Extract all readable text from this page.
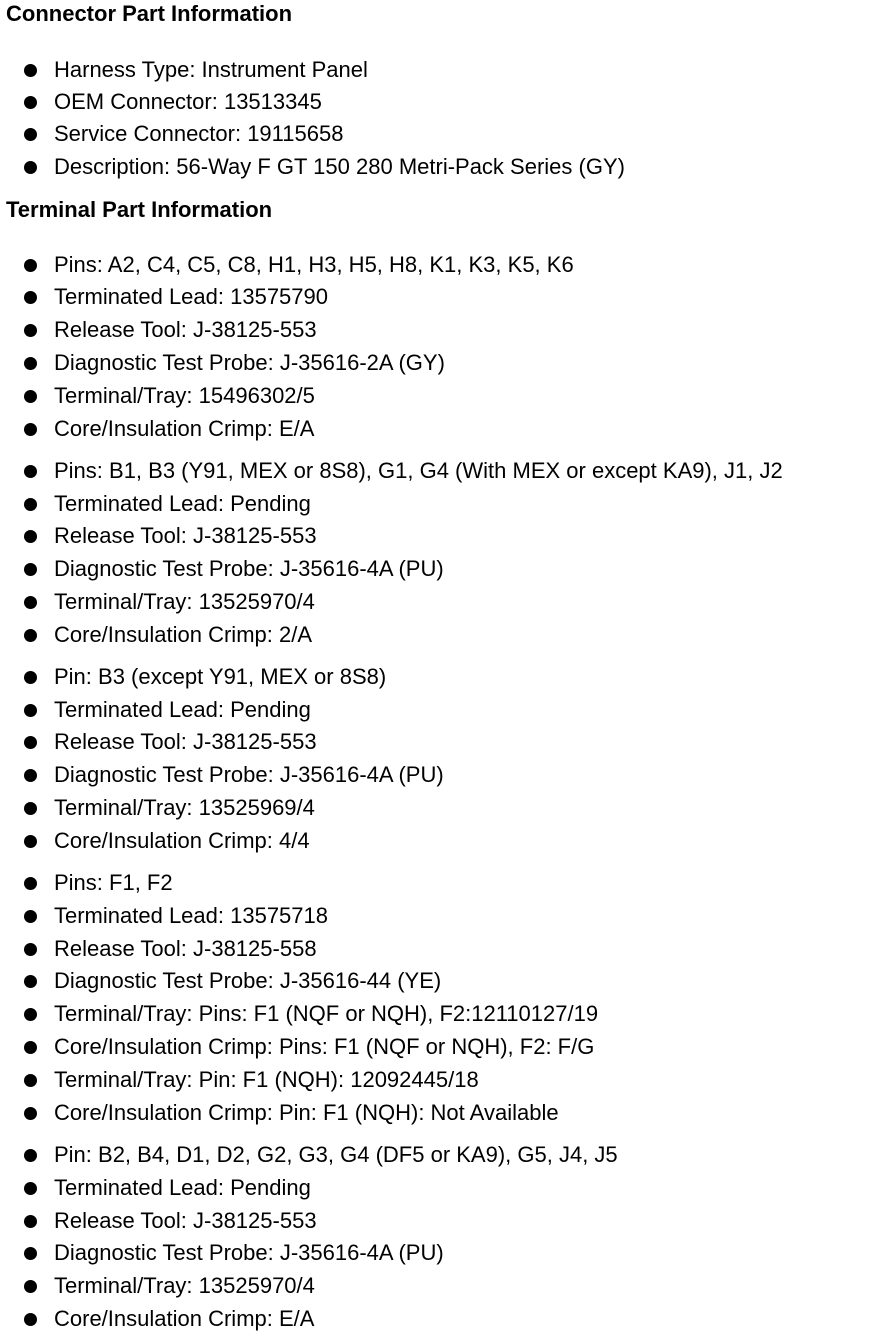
Connector Part Information
Harness Type: Instrument Panel
OEM Connector: 13513345
Service Connector: 19115658
Description: 56-Way F GT 150 280 Metri-Pack Series (GY)
Terminal Part Information
Pins: A2, C4, C5, C8, H1, H3, H5, H8, K1, K3, K5, K6
Terminated Lead: 13575790
Release Tool: J-38125-553
Diagnostic Test Probe: J-35616-2A (GY)
Terminal/Tray: 15496302/5
Core/Insulation Crimp: E/A
Pins: B1, B3 (Y91, MEX or 8S8), G1, G4 (With MEX or except KA9), J1, J2
Terminated Lead: Pending
Release Tool: J-38125-553
Diagnostic Test Probe: J-35616-4A (PU)
Terminal/Tray: 13525970/4
Core/Insulation Crimp: 2/A
Pin: B3 (except Y91, MEX or 8S8)
Terminated Lead: Pending
Release Tool: J-38125-553
Diagnostic Test Probe: J-35616-4A (PU)
Terminal/Tray: 13525969/4
Core/Insulation Crimp: 4/4
Pins: F1, F2
Terminated Lead: 13575718
Release Tool: J-38125-558
Diagnostic Test Probe: J-35616-44 (YE)
Terminal/Tray: Pins: F1 (NQF or NQH), F2:12110127/19
Core/Insulation Crimp: Pins: F1 (NQF or NQH), F2: F/G
Terminal/Tray: Pin: F1 (NQH): 12092445/18
Core/Insulation Crimp: Pin: F1 (NQH): Not Available
Pin: B2, B4, D1, D2, G2, G3, G4 (DF5 or KA9), G5, J4, J5
Terminated Lead: Pending
Release Tool: J-38125-553
Diagnostic Test Probe: J-35616-4A (PU)
Terminal/Tray: 13525970/4
Core/Insulation Crimp: E/A
